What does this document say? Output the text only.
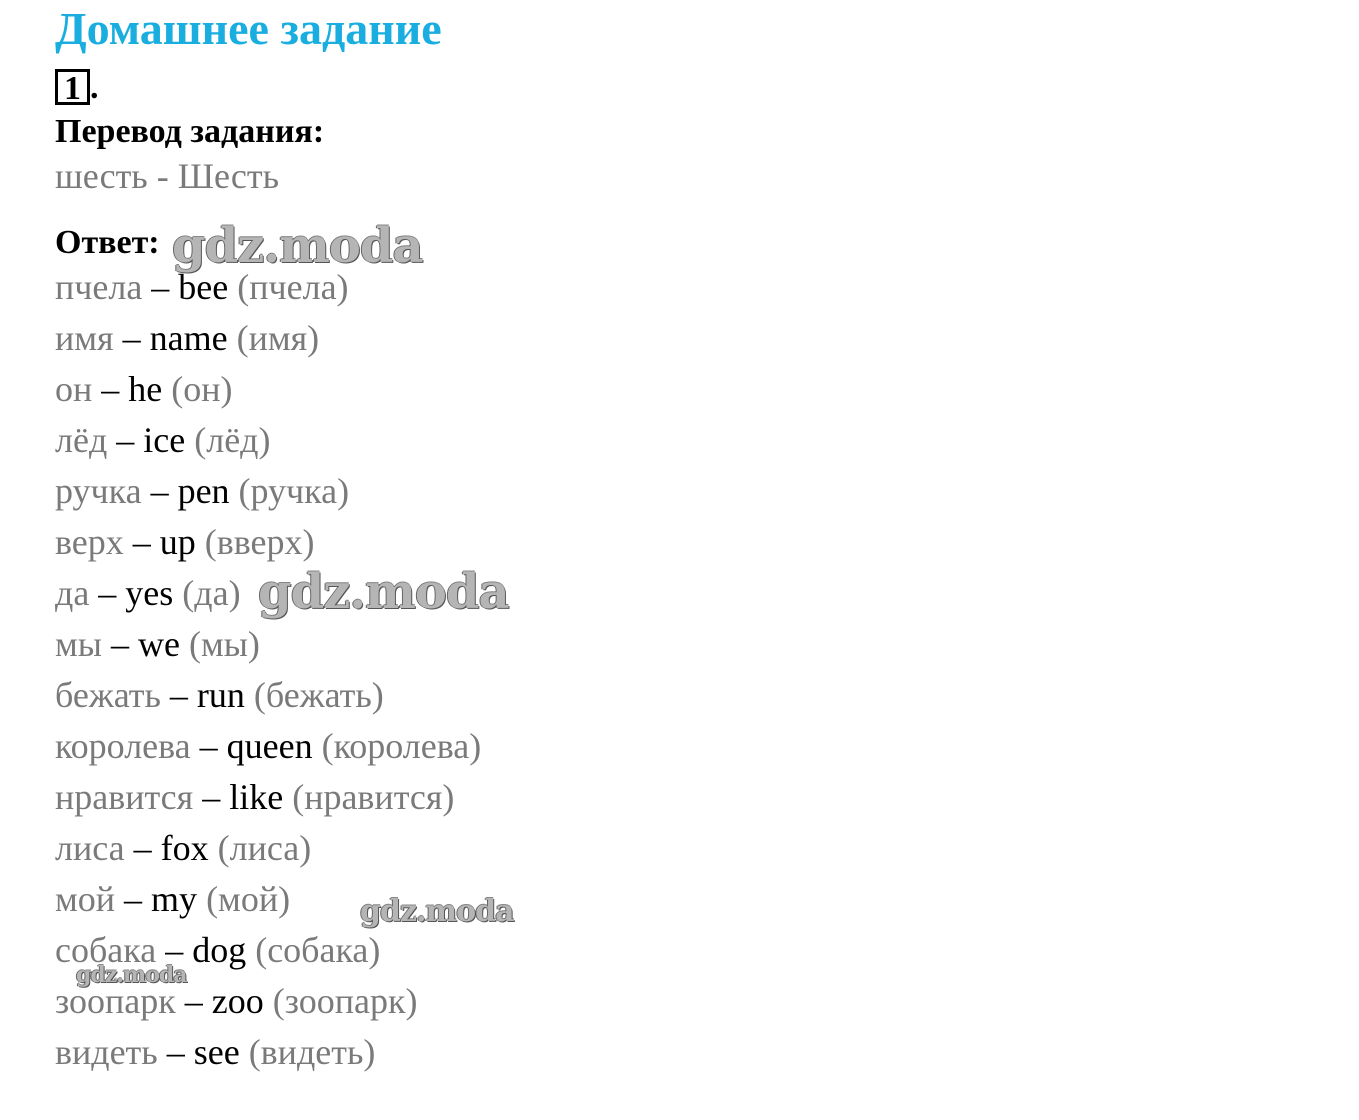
Домашнее задание
1 .

Перевод задания:

шесть - Шесть

Ответ:

пчела – bee (пчела)
имя – name (имя)
он – he (он)
лёд – ice (лёд)
ручка – pen (ручка)
верх – up (вверх)
да – yes (да)
мы – we (мы)
бежать – run (бежать)
королева – queen (королева)
нравится – like (нравится)
лиса – fox (лиса)
мой – my (мой)
собака – dog (собака)
зоопарк – zoo (зоопарк)
видеть – see (видеть)
gdz.moda
gdz.moda
gdz.moda
gdz.moda
